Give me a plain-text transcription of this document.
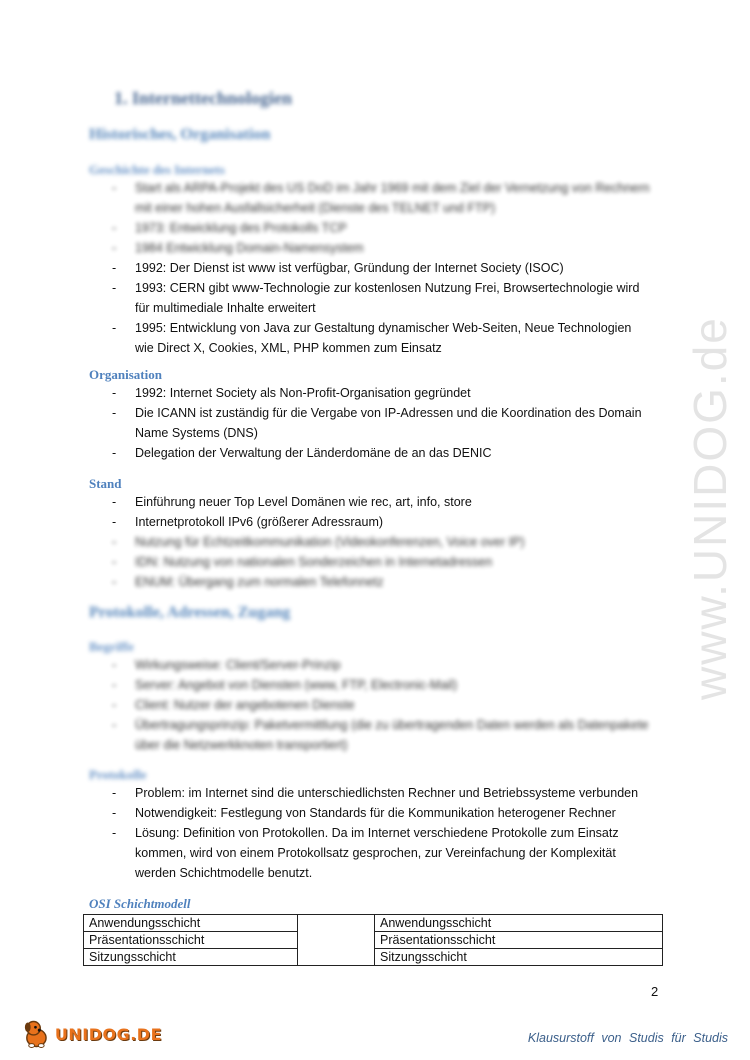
1. Internettechnologien
Historisches, Organisation
Geschichte des Internets
- Start als ARPA-Projekt des US DoD im Jahr 1969 mit dem Ziel der Vernetzung von Rechnern mit einer hohen Ausfallsicherheit (Dienste des TELNET und FTP)
- 1973: Entwicklung des Protokolls TCP
- 1984 Entwicklung Domain-Namensystem
- 1992: Der Dienst ist www ist verfügbar, Gründung der Internet Society (ISOC)
- 1993: CERN gibt www-Technologie zur kostenlosen Nutzung Frei, Browsertechnologie wird für multimediale Inhalte erweitert
- 1995: Entwicklung von Java zur Gestaltung dynamischer Web-Seiten, Neue Technologien wie Direct X, Cookies, XML, PHP kommen zum Einsatz
Organisation
- 1992: Internet Society als Non-Profit-Organisation gegründet
- Die ICANN ist zuständig für die Vergabe von IP-Adressen und die Koordination des Domain Name Systems (DNS)
- Delegation der Verwaltung der Länderdomäne de an das DENIC
Stand
- Einführung neuer Top Level Domänen wie rec, art, info, store
- Internetprotokoll IPv6 (größerer Adressraum)
- Nutzung für Echtzeitkommunikation (Videokonferenzen, Voice over IP)
- IDN: Nutzung von nationalen Sonderzeichen in Internetadressen
- ENUM: Übergang zum normalen Telefonnetz
Protokolle, Adressen, Zugang
Begriffe
- Wirkungsweise: Client/Server-Prinzip
- Server: Angebot von Diensten (www, FTP, Electronic-Mail)
- Client: Nutzer der angebotenen Dienste
- Übertragungsprinzip: Paketvermittlung (die zu übertragenden Daten werden als Datenpakete über die Netzwerkknoten transportiert)
Protokolle
- Problem: im Internet sind die unterschiedlichsten Rechner und Betriebssysteme verbunden
- Notwendigkeit: Festlegung von Standards für die Kommunikation heterogener Rechner
- Lösung: Definition von Protokollen. Da im Internet verschiedene Protokolle zum Einsatz kommen, wird von einem Protokollsatz gesprochen, zur Vereinfachung der Komplexität werden Schichtmodelle benutzt.
OSI Schichtmodell
Anwendungsschicht		Anwendungsschicht
Präsentationsschicht		Präsentationsschicht
Sitzungsschicht		Sitzungsschicht
2
www.UNIDOG.de
UNIDOG.DE	Klausurstoff von Studis für Studis
